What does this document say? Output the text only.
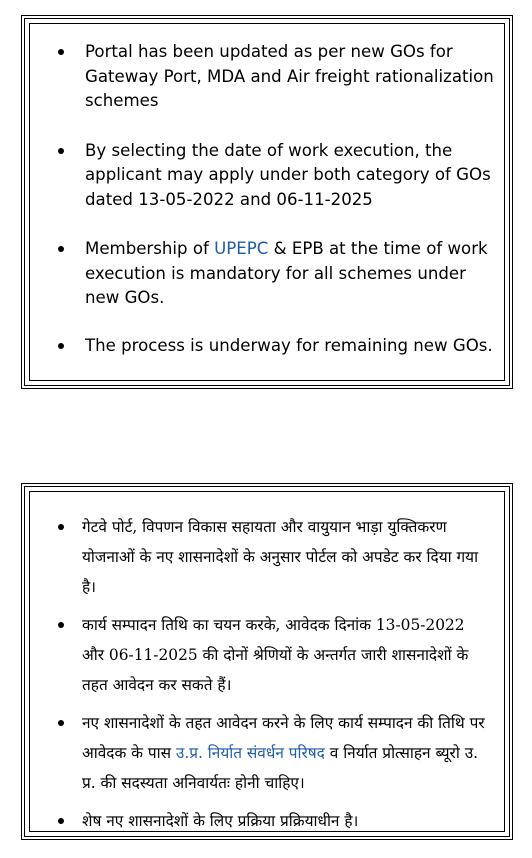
Portal has been updated as per new GOs for Gateway Port, MDA and Air freight rationalization schemes
By selecting the date of work execution, the applicant may apply under both category of GOs dated 13-05-2022 and 06-11-2025
Membership of UPEPC & EPB at the time of work execution is mandatory for all schemes under new GOs.
The process is underway for remaining new GOs.
गेटवे पोर्ट, विपणन विकास सहायता और वायुयान भाड़ा युक्तिकरण योजनाओं के नए शासनादेशों के अनुसार पोर्टल को अपडेट कर दिया गया है।
कार्य सम्पादन तिथि का चयन करके, आवेदक दिनांक 13-05-2022 और 06-11-2025 की दोनों श्रेणियों के अन्तर्गत जारी शासनादेशों के तहत आवेदन कर सकते हैं।
नए शासनादेशों के तहत आवेदन करने के लिए कार्य सम्पादन की तिथि पर आवेदक के पास उ.प्र. निर्यात संवर्धन परिषद व निर्यात प्रोत्साहन ब्यूरो उ. प्र. की सदस्यता अनिवार्यतः होनी चाहिए।
शेष नए शासनादेशों के लिए प्रक्रिया प्रक्रियाधीन है।
